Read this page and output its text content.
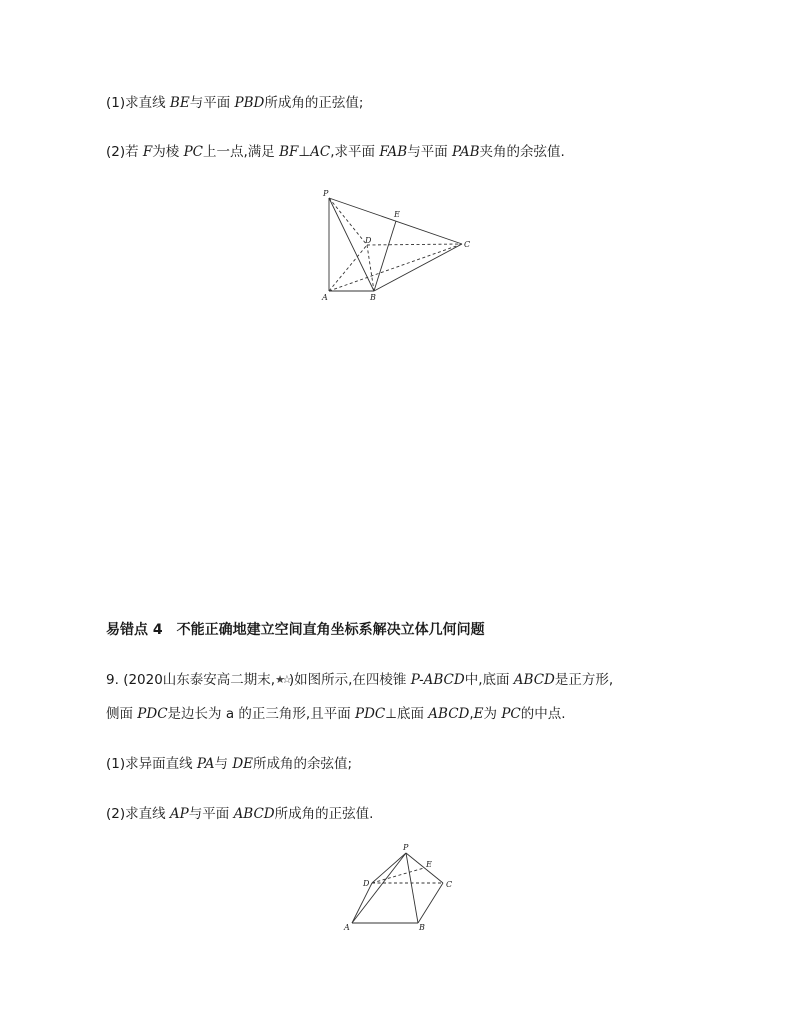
(1)求直线 BE与平面 PBD所成角的正弦值;
(2)若 F为棱 PC上一点,满足 BF⊥AC,求平面 FAB与平面 PAB夹角的余弦值.
P
E
D	C
A	B
易错点 4 不能正确地建立空间直角坐标系解决立体几何问题
9. (2020山东泰安高二期末,★☆)如图所示,在四棱锥 P-ABCD中,底面 ABCD是正方形,
侧面 PDC是边长为 a 的正三角形,且平面 PDC⊥底面 ABCD,E为 PC的中点.
(1)求异面直线 PA与 DE所成角的余弦值;
(2)求直线 AP与平面 ABCD所成角的正弦值.
P
E
D	C
A	B
